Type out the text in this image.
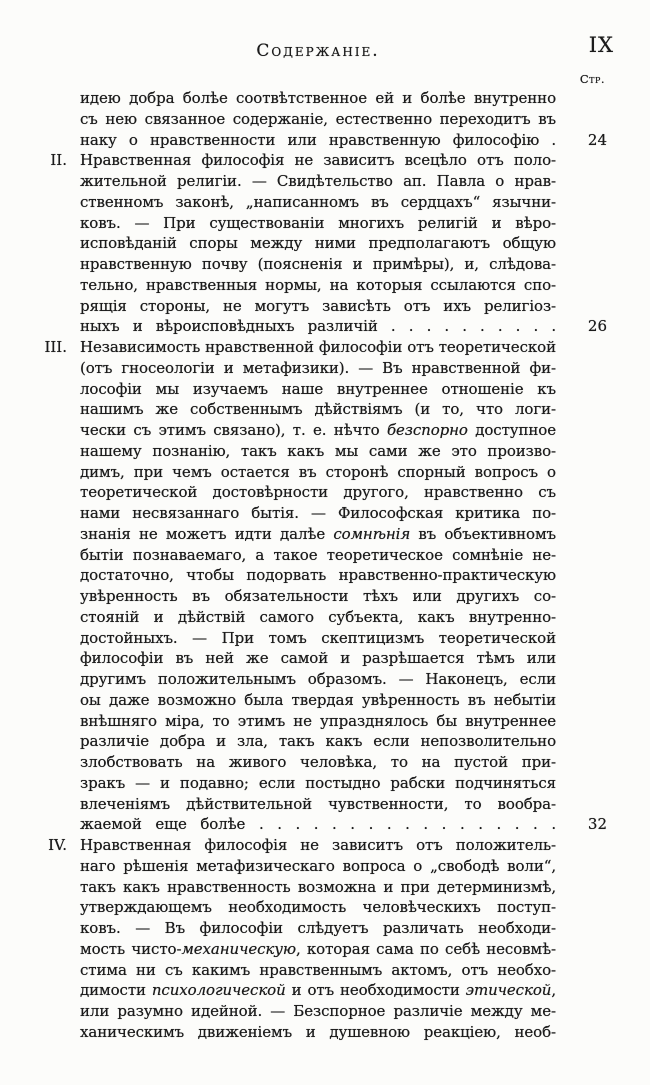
Содержаніе.	IX
Стр.
идею добра болѣе соотвѣтственное ей и болѣе внутренно
съ нею связанное содержаніе, естественно переходитъ въ
наку о нравственности или нравственную философію .	24
II. Нравственная философія не зависитъ всецѣло отъ поло-
жительной религіи. — Свидѣтельство ап. Павла о нрав-
ственномъ законѣ, „написанномъ въ сердцахъ“ язычни-
ковъ. — При существованіи многихъ религій и вѣро-
исповѣданій споры между ними предполагаютъ общую
нравственную почву (поясненія и примѣры), и, слѣдова-
тельно, нравственныя нормы, на которыя ссылаются спо-
рящія стороны, не могутъ зависѣть отъ ихъ религіоз-
ныхъ и вѣроисповѣдныхъ различій . . . . . . . . . .	26
III. Независимость нравственной философіи отъ теоретической
(отъ гносеологіи и метафизики). — Въ нравственной фи-
лософіи мы изучаемъ наше внутреннее отношеніе къ
нашимъ же собственнымъ дѣйствіямъ (и то, что логи-
чески съ этимъ связано), т. е. нѣчто безспорно доступное
нашему познанію, такъ какъ мы сами же это произво-
димъ, при чемъ остается въ сторонѣ спорный вопросъ о
теоретической достовѣрности другого, нравственно съ
нами несвязаннаго бытія. — Философская критика по-
знанія не можетъ идти далѣе сомнѣнія въ объективномъ
бытіи познаваемаго, а такое теоретическое сомнѣніе не-
достаточно, чтобы подорвать нравственно-практическую
увѣренность въ обязательности тѣхъ или другихъ со-
стояній и дѣйствій самого субъекта, какъ внутренно-
достойныхъ. — При томъ скептицизмъ теоретической
философіи въ ней же самой и разрѣшается тѣмъ или
другимъ положительнымъ образомъ. — Наконецъ, если
оы даже возможно была твердая увѣренность въ небытіи
внѣшняго міра, то этимъ не упразднялось бы внутреннее
различіе добра и зла, такъ какъ если непозволительно
злобствовать на живого человѣка, то на пустой при-
зракъ — и подавно; если постыдно рабски подчиняться
влеченіямъ дѣйствительной чувственности, то вообра-
жаемой еще болѣе . . . . . . . . . . . . . . . . .	32
IV. Нравственная философія не зависитъ отъ положитель-
наго рѣшенія метафизическаго вопроса о „свободѣ воли“,
такъ какъ нравственность возможна и при детерминизмѣ,
утверждающемъ необходимость человѣческихъ поступ-
ковъ. — Въ философіи слѣдуетъ различать необходи-
мость чисто-механическую, которая сама по себѣ несовмѣ-
стима ни съ какимъ нравственнымъ актомъ, отъ необхо-
димости психологической и отъ необходимости этической,
или разумно идейной. — Безспорное различіе между ме-
ханическимъ движеніемъ и душевною реакціею, необ-
